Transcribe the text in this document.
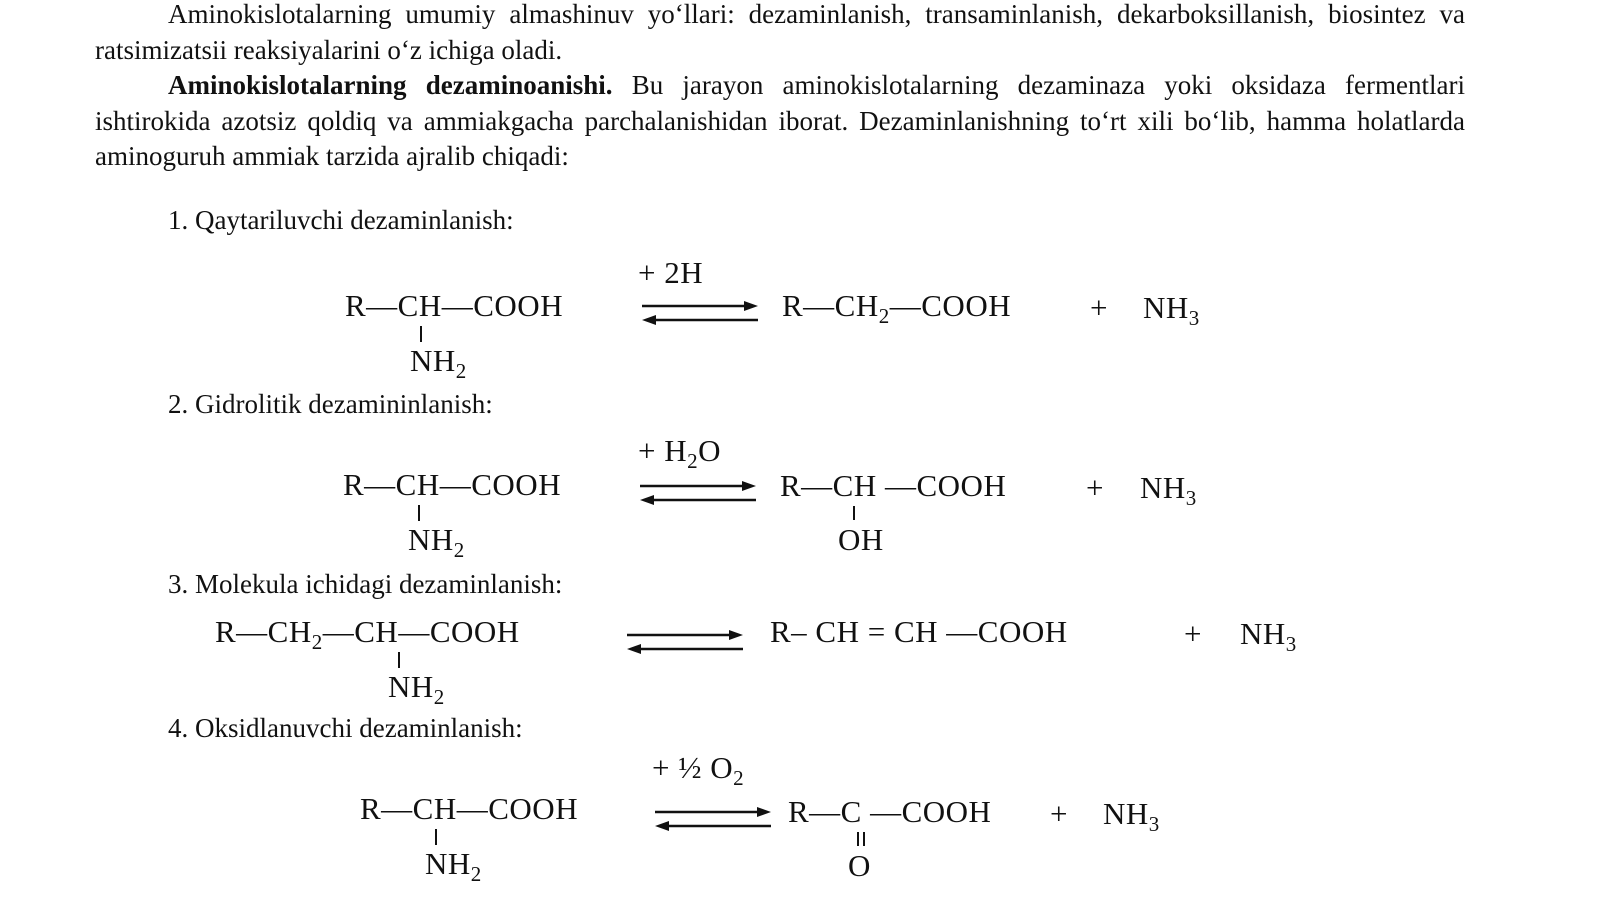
Aminokislotalarning umumiy almashinuv yo‘llari: dezaminlanish, transaminlanish, dekarboksillanish, biosintez va ratsimizatsii reaksiyalarini o‘z ichiga oladi.

Aminokislotalarning dezaminoanishi. Bu jarayon aminokislotalarning dezaminaza yoki oksidaza fermentlari ishtirokida azotsiz qoldiq va ammiakgacha parchalanishidan iborat. Dezaminlanishning to‘rt xili bo‘lib, hamma holatlarda aminoguruh ammiak tarzida ajralib chiqadi:

1. Qaytariluvchi dezaminlanish:
+ 2H
R—CH—COOH
$NH_2$
⇌ $R—CH_2—COOH$	+ $NH_3$
2. Gidrolitik dezamininlanish:
+ $H_2O$
R—CH—COOH
$NH_2$
⇌ R—CH —COOH
OH
+ $NH_3$
3. Molekula ichidagi dezaminlanish:
$R—CH_2—CH—COOH$
$NH_2$
⇌ R– CH = CH —COOH	+ $NH_3$
4. Oksidlanuvchi dezaminlanish:
+ ½ $O_2$
R—CH—COOH
$NH_2$
⇌ R—C —COOH
O
+ $NH_3$
